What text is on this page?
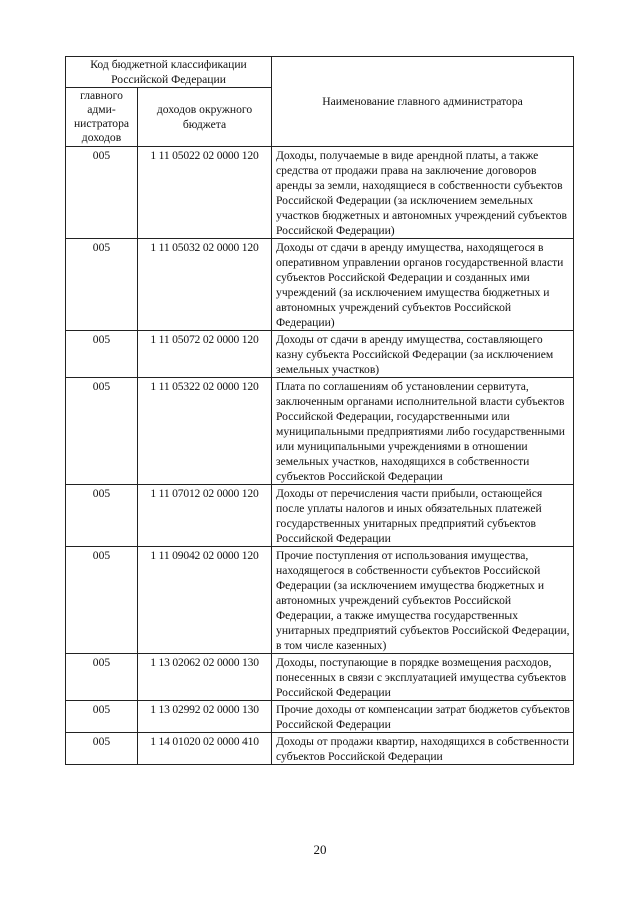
Код бюджетной классификации Российской Федерации		Наименование главного администратора
главного адми-нистратора доходов	доходов окружного бюджета	
005	1 11 05022 02 0000 120	Доходы, получаемые в виде арендной платы, а также средства от продажи права на заключение договоров аренды за земли, находящиеся в собственности субъектов Российской Федерации (за исключением земельных участков бюджетных и автономных учреждений субъектов Российской Федерации)
005	1 11 05032 02 0000 120	Доходы от сдачи в аренду имущества, находящегося в оперативном управлении органов государственной власти субъектов Российской Федерации и созданных ими учреждений (за исключением имущества бюджетных и автономных учреждений субъектов Российской Федерации)
005	1 11 05072 02 0000 120	Доходы от сдачи в аренду имущества, составляющего казну субъекта Российской Федерации (за исключением земельных участков)
005	1 11 05322 02 0000 120	Плата по соглашениям об установлении сервитута, заключенным органами исполнительной власти субъектов Российской Федерации, государственными или муниципальными предприятиями либо государственными или муниципальными учреждениями в отношении земельных участков, находящихся в собственности субъектов Российской Федерации
005	1 11 07012 02 0000 120	Доходы от перечисления части прибыли, остающейся после уплаты налогов и иных обязательных платежей государственных унитарных предприятий субъектов Российской Федерации
005	1 11 09042 02 0000 120	Прочие поступления от использования имущества, находящегося в собственности субъектов Российской Федерации (за исключением имущества бюджетных и автономных учреждений субъектов Российской Федерации, а также имущества государственных унитарных предприятий субъектов Российской Федерации, в том числе казенных)
005	1 13 02062 02 0000 130	Доходы, поступающие в порядке возмещения расходов, понесенных в связи с эксплуатацией имущества субъектов Российской Федерации
005	1 13 02992 02 0000 130	Прочие доходы от компенсации затрат бюджетов субъектов Российской Федерации
005	1 14 01020 02 0000 410	Доходы от продажи квартир, находящихся в собственности субъектов Российской Федерации
20
